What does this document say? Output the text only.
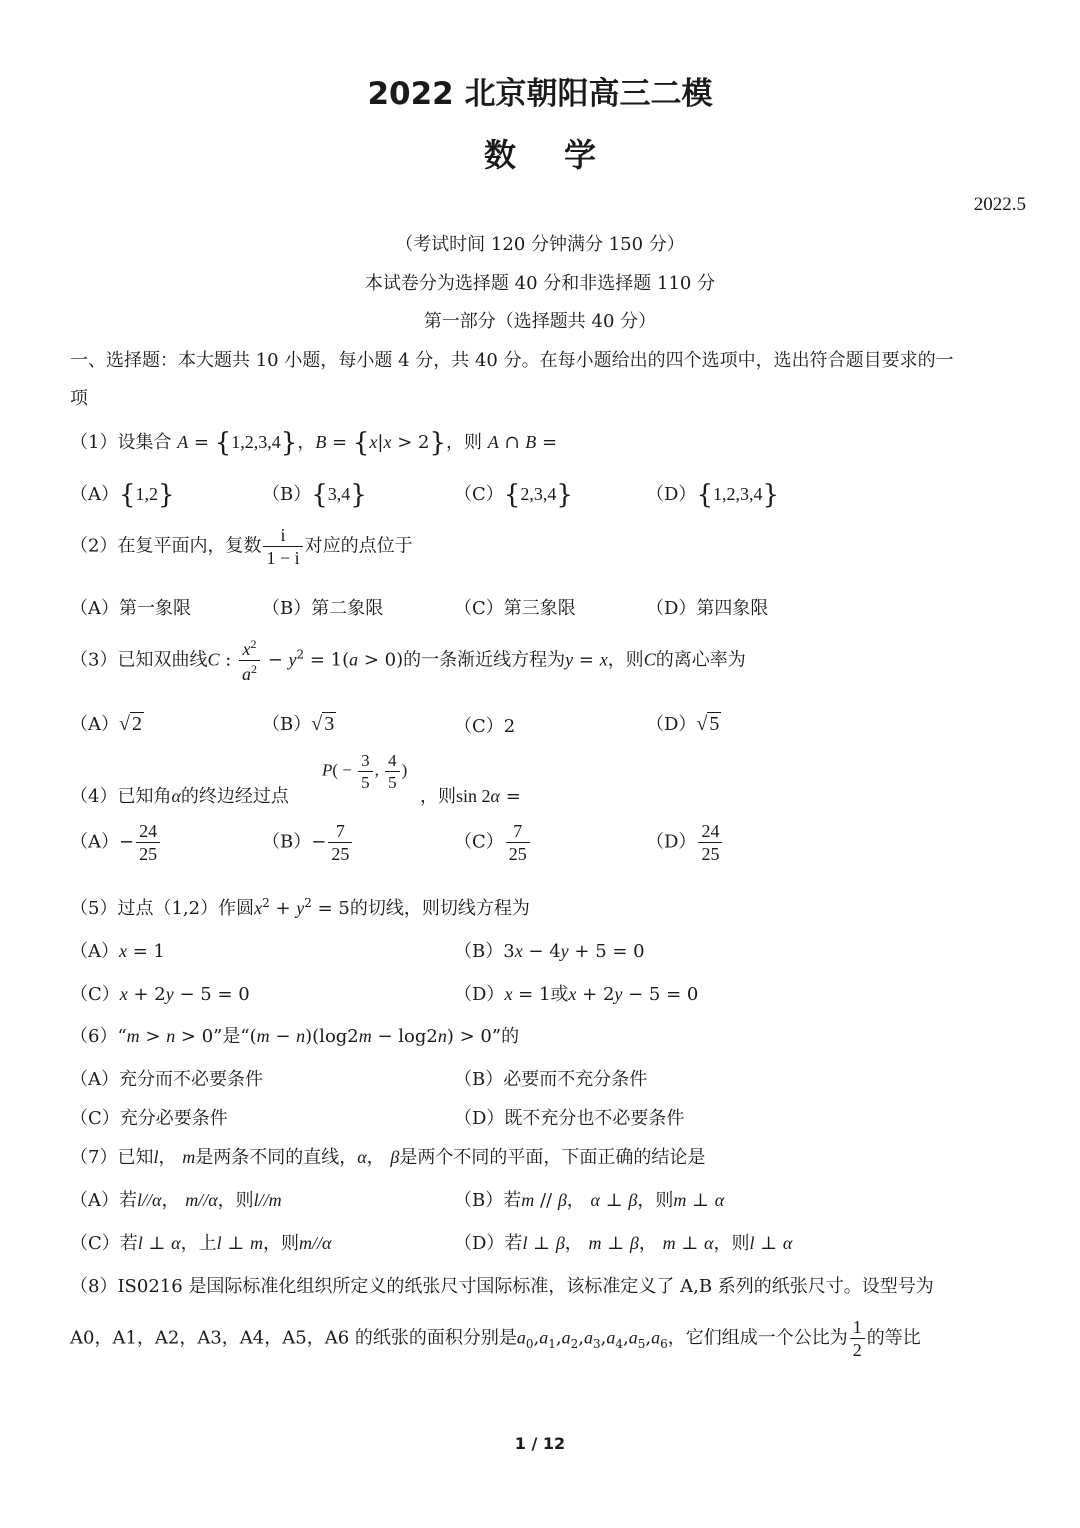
2022 北京朝阳高三二模
数学
2022.5
（考试时间 120 分钟满分 150 分）
本试卷分为选择题 40 分和非选择题 110 分
第一部分（选择题共 40 分）
一、选择题：本大题共 10 小题，每小题 4 分，共 40 分。在每小题给出的四个选项中，选出符合题目要求的一
项
（1）设集合 A = {1,2,3,4}，B = {x|x > 2}，则 A ∩ B =
（A）{1,2}	（B）{3,4}	（C）{2,3,4}	（D）{1,2,3,4}
（2）在复平面内，复数 $\frac{i}{1 - i}$ 对应的点位于
（A）第一象限	（B）第二象限	（C）第三象限	（D）第四象限
（3）已知双曲线C : $\frac{x^2}{a^2} - y^2 = 1(a > 0)$的一条渐近线方程为y = x，则C的离心率为
（A）√ 2	（B）√ 3	（C）2	（D）√ 5
（4）已知角α的终边经过点
$P( - \frac{3}{5}$ , $\frac{4}{5}$ )
，则sin 2α =
$(A)- \frac{24}{25}$	$(B)- \frac{7}{25}$	$(C) \frac{7}{25}$	$(D) \frac{24}{25}$
（5）过点（1,2）作圆$x^2 + y^2 = 5$的切线，则切线方程为
（A）x = 1	（B）3x − 4y + 5 = 0
（C）x + 2y − 5 = 0	（D）x = 1或x + 2y − 5 = 0
（6）“m > n > 0”是“(m − n)(log2m − log2n) > 0”的
（A）充分而不必要条件	（B）必要而不充分条件
（C）充分必要条件	（D）既不充分也不必要条件
（7）已知l， m是两条不同的直线，α， β是两个不同的平面，下面正确的结论是
（A）若l//α， m//α，则l//m	（B）若m // β， α ⊥ β，则m ⊥ α
（C）若l ⊥ α，上l ⊥ m，则m//α	（D）若l ⊥ β， m ⊥ β， m ⊥ α，则l ⊥ α
（8）IS0216 是国际标准化组织所定义的纸张尺寸国际标准，该标准定义了 A,B 系列的纸张尺寸。设型号为
A0，A1，A2，A3，A4，A5，A6 的纸张的面积分别是$a_0,a_1,a_2,a_3,a_4,a_5,a_6$，它们组成一个公比为 $\frac{1}{2}$ 的等比
1 / 12
